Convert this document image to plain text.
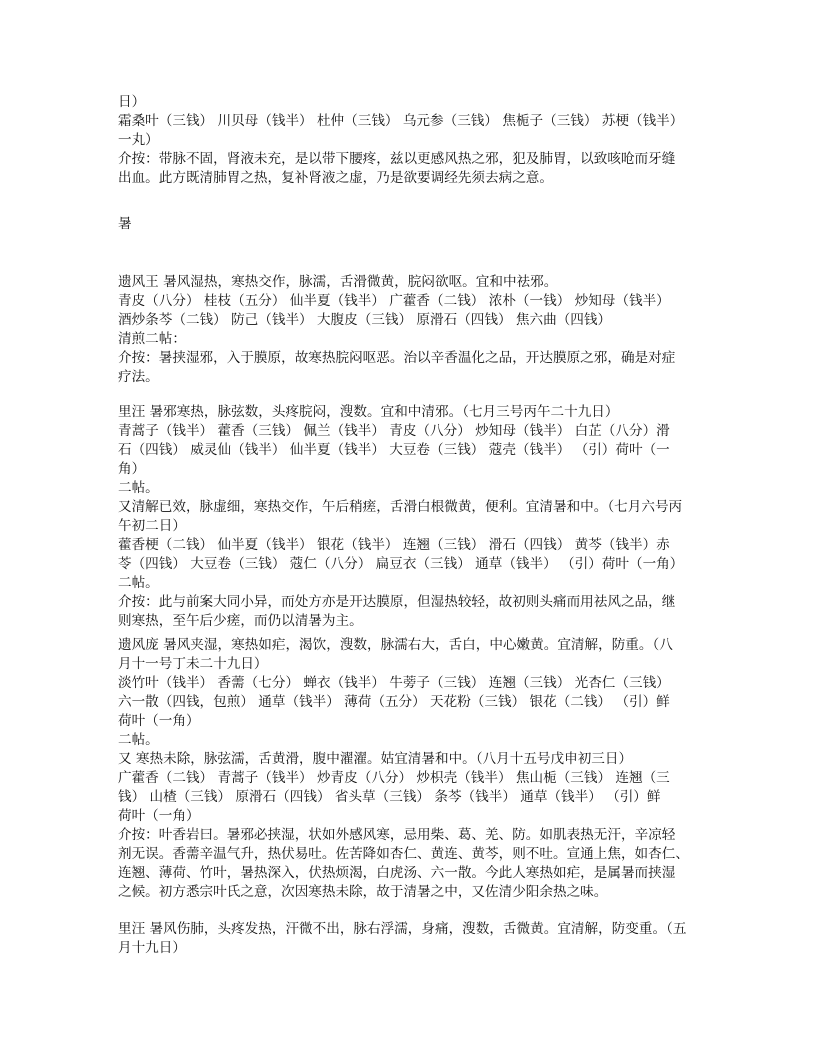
日）
霜桑叶（三钱） 川贝母（钱半） 杜仲（三钱） 乌元参（三钱） 焦栀子（三钱） 苏梗（钱半）
一丸）
介按：带脉不固，肾液未充，是以带下腰疼，兹以更感风热之邪，犯及肺胃，以致咳呛而牙缝
出血。此方既清肺胃之热，复补肾液之虚，乃是欲要调经先须去病之意。
暑
遗风王 暑风湿热，寒热交作，脉濡，舌滑微黄，脘闷欲呕。宜和中祛邪。
青皮（八分） 桂枝（五分） 仙半夏（钱半） 广藿香（二钱） 浓朴（一钱） 炒知母（钱半）
酒炒条芩（二钱） 防己（钱半） 大腹皮（三钱） 原滑石（四钱） 焦六曲（四钱）
清煎二帖：
介按：暑挟湿邪，入于膜原，故寒热脘闷呕恶。治以辛香温化之品，开达膜原之邪，确是对症
疗法。
里汪 暑邪寒热，脉弦数，头疼脘闷，溲数。宜和中清邪。（七月三号丙午二十九日）
青蒿子（钱半） 藿香（三钱） 佩兰（钱半） 青皮（八分） 炒知母（钱半） 白芷（八分）滑
石（四钱） 威灵仙（钱半） 仙半夏（钱半） 大豆卷（三钱） 蔻壳（钱半） （引）荷叶（一
角）
二帖。
又清解已效，脉虚细，寒热交作，午后稍瘥，舌滑白根微黄，便利。宜清暑和中。（七月六号丙
午初二日）
藿香梗（二钱） 仙半夏（钱半） 银花（钱半） 连翘（三钱） 滑石（四钱） 黄芩（钱半）赤
苓（四钱） 大豆卷（三钱） 蔻仁（八分） 扁豆衣（三钱） 通草（钱半） （引）荷叶（一角）
二帖。
介按：此与前案大同小异，而处方亦是开达膜原，但湿热较轻，故初则头痛而用祛风之品，继
则寒热，至午后少瘥，而仍以清暑为主。
遗风庞 暑风夹湿，寒热如疟，渴饮，溲数，脉濡右大，舌白，中心嫩黄。宜清解，防重。（八
月十一号丁未二十九日）
淡竹叶（钱半） 香薷（七分） 蝉衣（钱半） 牛蒡子（三钱） 连翘（三钱） 光杏仁（三钱）
六一散（四钱，包煎） 通草（钱半） 薄荷（五分） 天花粉（三钱） 银花（二钱） （引）鲜
荷叶（一角）
二帖。
又 寒热未除，脉弦濡，舌黄滑，腹中濯濯。姑宜清暑和中。（八月十五号戊申初三日）
广藿香（二钱） 青蒿子（钱半） 炒青皮（八分） 炒枳壳（钱半） 焦山栀（三钱） 连翘（三
钱） 山楂（三钱） 原滑石（四钱） 省头草（三钱） 条芩（钱半） 通草（钱半） （引）鲜
荷叶（一角）
介按：叶香岩曰。暑邪必挟湿，状如外感风寒，忌用柴、葛、羌、防。如肌表热无汗，辛凉轻
剂无误。香薷辛温气升，热伏易吐。佐苦降如杏仁、黄连、黄芩，则不吐。宣通上焦，如杏仁、
连翘、薄荷、竹叶，暑热深入，伏热烦渴，白虎汤、六一散。今此人寒热如疟，是属暑而挟湿
之候。初方悉宗叶氏之意，次因寒热未除，故于清暑之中，又佐清少阳余热之味。
里汪 暑风伤肺，头疼发热，汗微不出，脉右浮濡，身痛，溲数，舌微黄。宜清解，防变重。（五
月十九日）
